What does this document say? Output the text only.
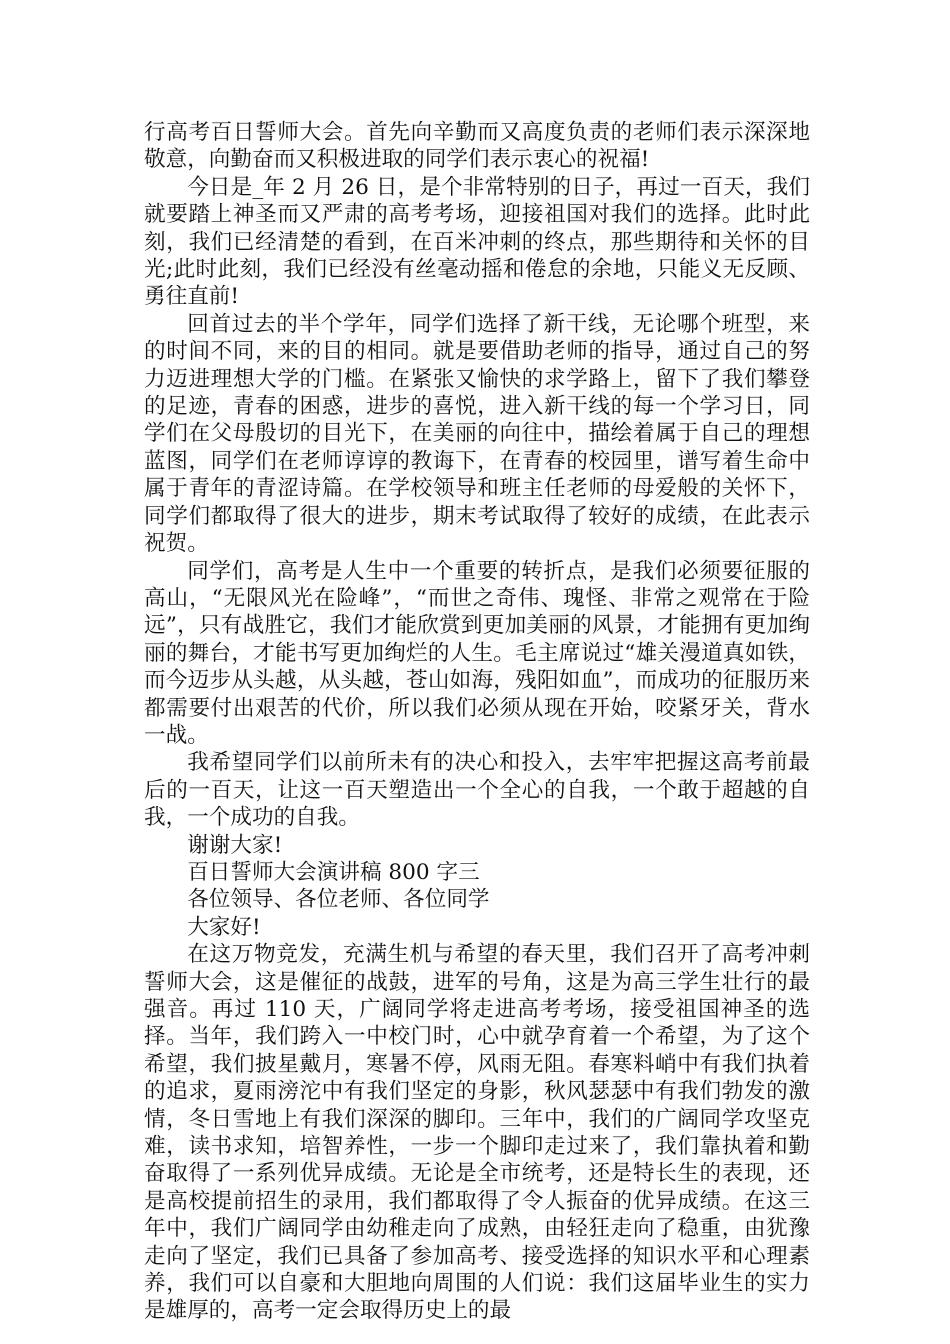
行高考百日誓师大会。首先向辛勤而又高度负责的老师们表示深深地敬意，向勤奋而又积极进取的同学们表示衷心的祝福!

今日是_年 2 月 26 日，是个非常特别的日子，再过一百天，我们就要踏上神圣而又严肃的高考考场，迎接祖国对我们的选择。此时此刻，我们已经清楚的看到，在百米冲刺的终点，那些期待和关怀的目光;此时此刻，我们已经没有丝毫动摇和倦怠的余地，只能义无反顾、勇往直前!

回首过去的半个学年，同学们选择了新干线，无论哪个班型，来的时间不同，来的目的相同。就是要借助老师的指导，通过自己的努力迈进理想大学的门槛。在紧张又愉快的求学路上，留下了我们攀登的足迹，青春的困惑，进步的喜悦，进入新干线的每一个学习日，同学们在父母殷切的目光下，在美丽的向往中，描绘着属于自己的理想蓝图，同学们在老师谆谆的教诲下，在青春的校园里，谱写着生命中属于青年的青涩诗篇。在学校领导和班主任老师的母爱般的关怀下，同学们都取得了很大的进步，期末考试取得了较好的成绩，在此表示祝贺。

同学们，高考是人生中一个重要的转折点，是我们必须要征服的高山，“无限风光在险峰”，“而世之奇伟、瑰怪、非常之观常在于险远”，只有战胜它，我们才能欣赏到更加美丽的风景，才能拥有更加绚丽的舞台，才能书写更加绚烂的人生。毛主席说过“雄关漫道真如铁，而今迈步从头越，从头越，苍山如海，残阳如血”，而成功的征服历来都需要付出艰苦的代价，所以我们必须从现在开始，咬紧牙关，背水一战。

我希望同学们以前所未有的决心和投入，去牢牢把握这高考前最后的一百天，让这一百天塑造出一个全心的自我，一个敢于超越的自我，一个成功的自我。

谢谢大家!

百日誓师大会演讲稿 800 字三

各位领导、各位老师、各位同学

大家好!

在这万物竞发，充满生机与希望的春天里，我们召开了高考冲刺誓师大会，这是催征的战鼓，进军的号角，这是为高三学生壮行的最强音。再过 110 天，广阔同学将走进高考考场，接受祖国神圣的选择。当年，我们跨入一中校门时，心中就孕育着一个希望，为了这个希望，我们披星戴月，寒暑不停，风雨无阻。春寒料峭中有我们执着的追求，夏雨滂沱中有我们坚定的身影，秋风瑟瑟中有我们勃发的激情，冬日雪地上有我们深深的脚印。三年中，我们的广阔同学攻坚克难，读书求知，培智养性，一步一个脚印走过来了，我们靠执着和勤奋取得了一系列优异成绩。无论是全市统考，还是特长生的表现，还是高校提前招生的录用，我们都取得了令人振奋的优异成绩。在这三年中，我们广阔同学由幼稚走向了成熟，由轻狂走向了稳重，由犹豫走向了坚定，我们已具备了参加高考、接受选择的知识水平和心理素养，我们可以自豪和大胆地向周围的人们说：我们这届毕业生的实力是雄厚的，高考一定会取得历史上的最
